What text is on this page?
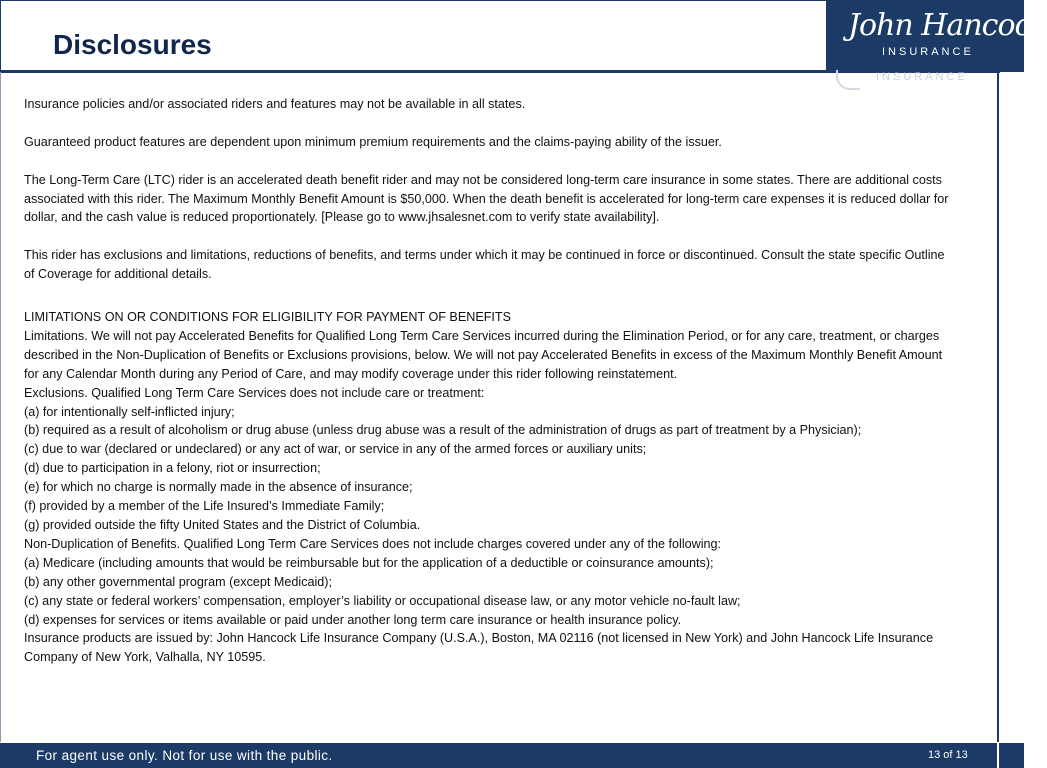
Disclosures
John Hancock
INSURANCE
INSURANCE

Insurance policies and/or associated riders and features may not be available in all states.

Guaranteed product features are dependent upon minimum premium requirements and the claims-paying ability of the issuer.

The Long-Term Care (LTC) rider is an accelerated death benefit rider and may not be considered long-term care insurance in some states. There are additional costs associated with this rider. The Maximum Monthly Benefit Amount is $50,000. When the death benefit is accelerated for long-term care expenses it is reduced dollar for dollar, and the cash value is reduced proportionately. [Please go to www.jhsalesnet.com to verify state availability].

This rider has exclusions and limitations, reductions of benefits, and terms under which it may be continued in force or discontinued. Consult the state specific Outline of Coverage for additional details.

LIMITATIONS ON OR CONDITIONS FOR ELIGIBILITY FOR PAYMENT OF BENEFITS

Limitations. We will not pay Accelerated Benefits for Qualified Long Term Care Services incurred during the Elimination Period, or for any care, treatment, or charges described in the Non-Duplication of Benefits or Exclusions provisions, below. We will not pay Accelerated Benefits in excess of the Maximum Monthly Benefit Amount for any Calendar Month during any Period of Care, and may modify coverage under this rider following reinstatement.

Exclusions. Qualified Long Term Care Services does not include care or treatment:

(a) for intentionally self-inflicted injury;

(b) required as a result of alcoholism or drug abuse (unless drug abuse was a result of the administration of drugs as part of treatment by a Physician);

(c) due to war (declared or undeclared) or any act of war, or service in any of the armed forces or auxiliary units;

(d) due to participation in a felony, riot or insurrection;

(e) for which no charge is normally made in the absence of insurance;

(f) provided by a member of the Life Insured’s Immediate Family;

(g) provided outside the fifty United States and the District of Columbia.

Non-Duplication of Benefits. Qualified Long Term Care Services does not include charges covered under any of the following:

(a) Medicare (including amounts that would be reimbursable but for the application of a deductible or coinsurance amounts);

(b) any other governmental program (except Medicaid);

(c) any state or federal workers’ compensation, employer’s liability or occupational disease law, or any motor vehicle no-fault law;

(d) expenses for services or items available or paid under another long term care insurance or health insurance policy.

Insurance products are issued by: John Hancock Life Insurance Company (U.S.A.), Boston, MA 02116 (not licensed in New York) and John Hancock Life Insurance Company of New York, Valhalla, NY 10595.

For agent use only. Not for use with the public.	13 of 13
